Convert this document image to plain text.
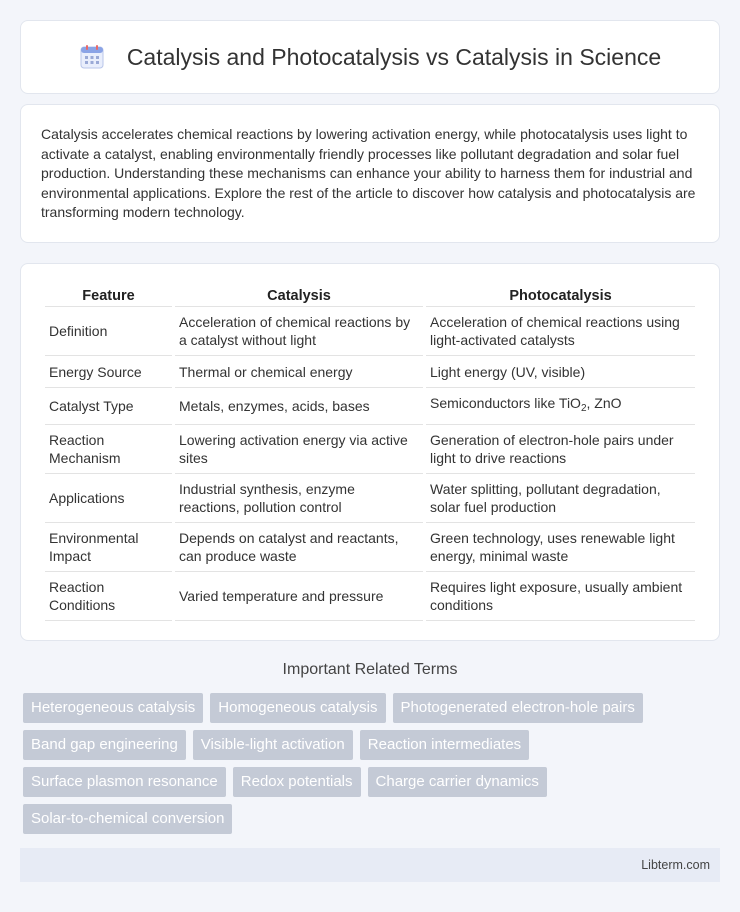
Catalysis and Photocatalysis vs Catalysis in Science

Catalysis accelerates chemical reactions by lowering activation energy, while photocatalysis uses light to activate a catalyst, enabling environmentally friendly processes like pollutant degradation and solar fuel production. Understanding these mechanisms can enhance your ability to harness them for industrial and environmental applications. Explore the rest of the article to discover how catalysis and photocatalysis are transforming modern technology.

Feature	Catalysis	Photocatalysis
Definition	Acceleration of chemical reactions by a catalyst without light	Acceleration of chemical reactions using light-activated catalysts
Energy Source	Thermal or chemical energy	Light energy (UV, visible)
Catalyst Type	Metals, enzymes, acids, bases	Semiconductors like TiO$_2$, ZnO
Reaction Mechanism	Lowering activation energy via active sites	Generation of electron-hole pairs under light to drive reactions
Applications	Industrial synthesis, enzyme reactions, pollution control	Water splitting, pollutant degradation, solar fuel production
Environmental Impact	Depends on catalyst and reactants, can produce waste	Green technology, uses renewable light energy, minimal waste
Reaction Conditions	Varied temperature and pressure	Requires light exposure, usually ambient conditions
Important Related Terms
Heterogeneous catalysis	Homogeneous catalysis	Photogenerated electron-hole pairs
Band gap engineering	Visible-light activation	Reaction intermediates
Surface plasmon resonance	Redox potentials	Charge carrier dynamics
Solar-to-chemical conversion
Libterm.com
